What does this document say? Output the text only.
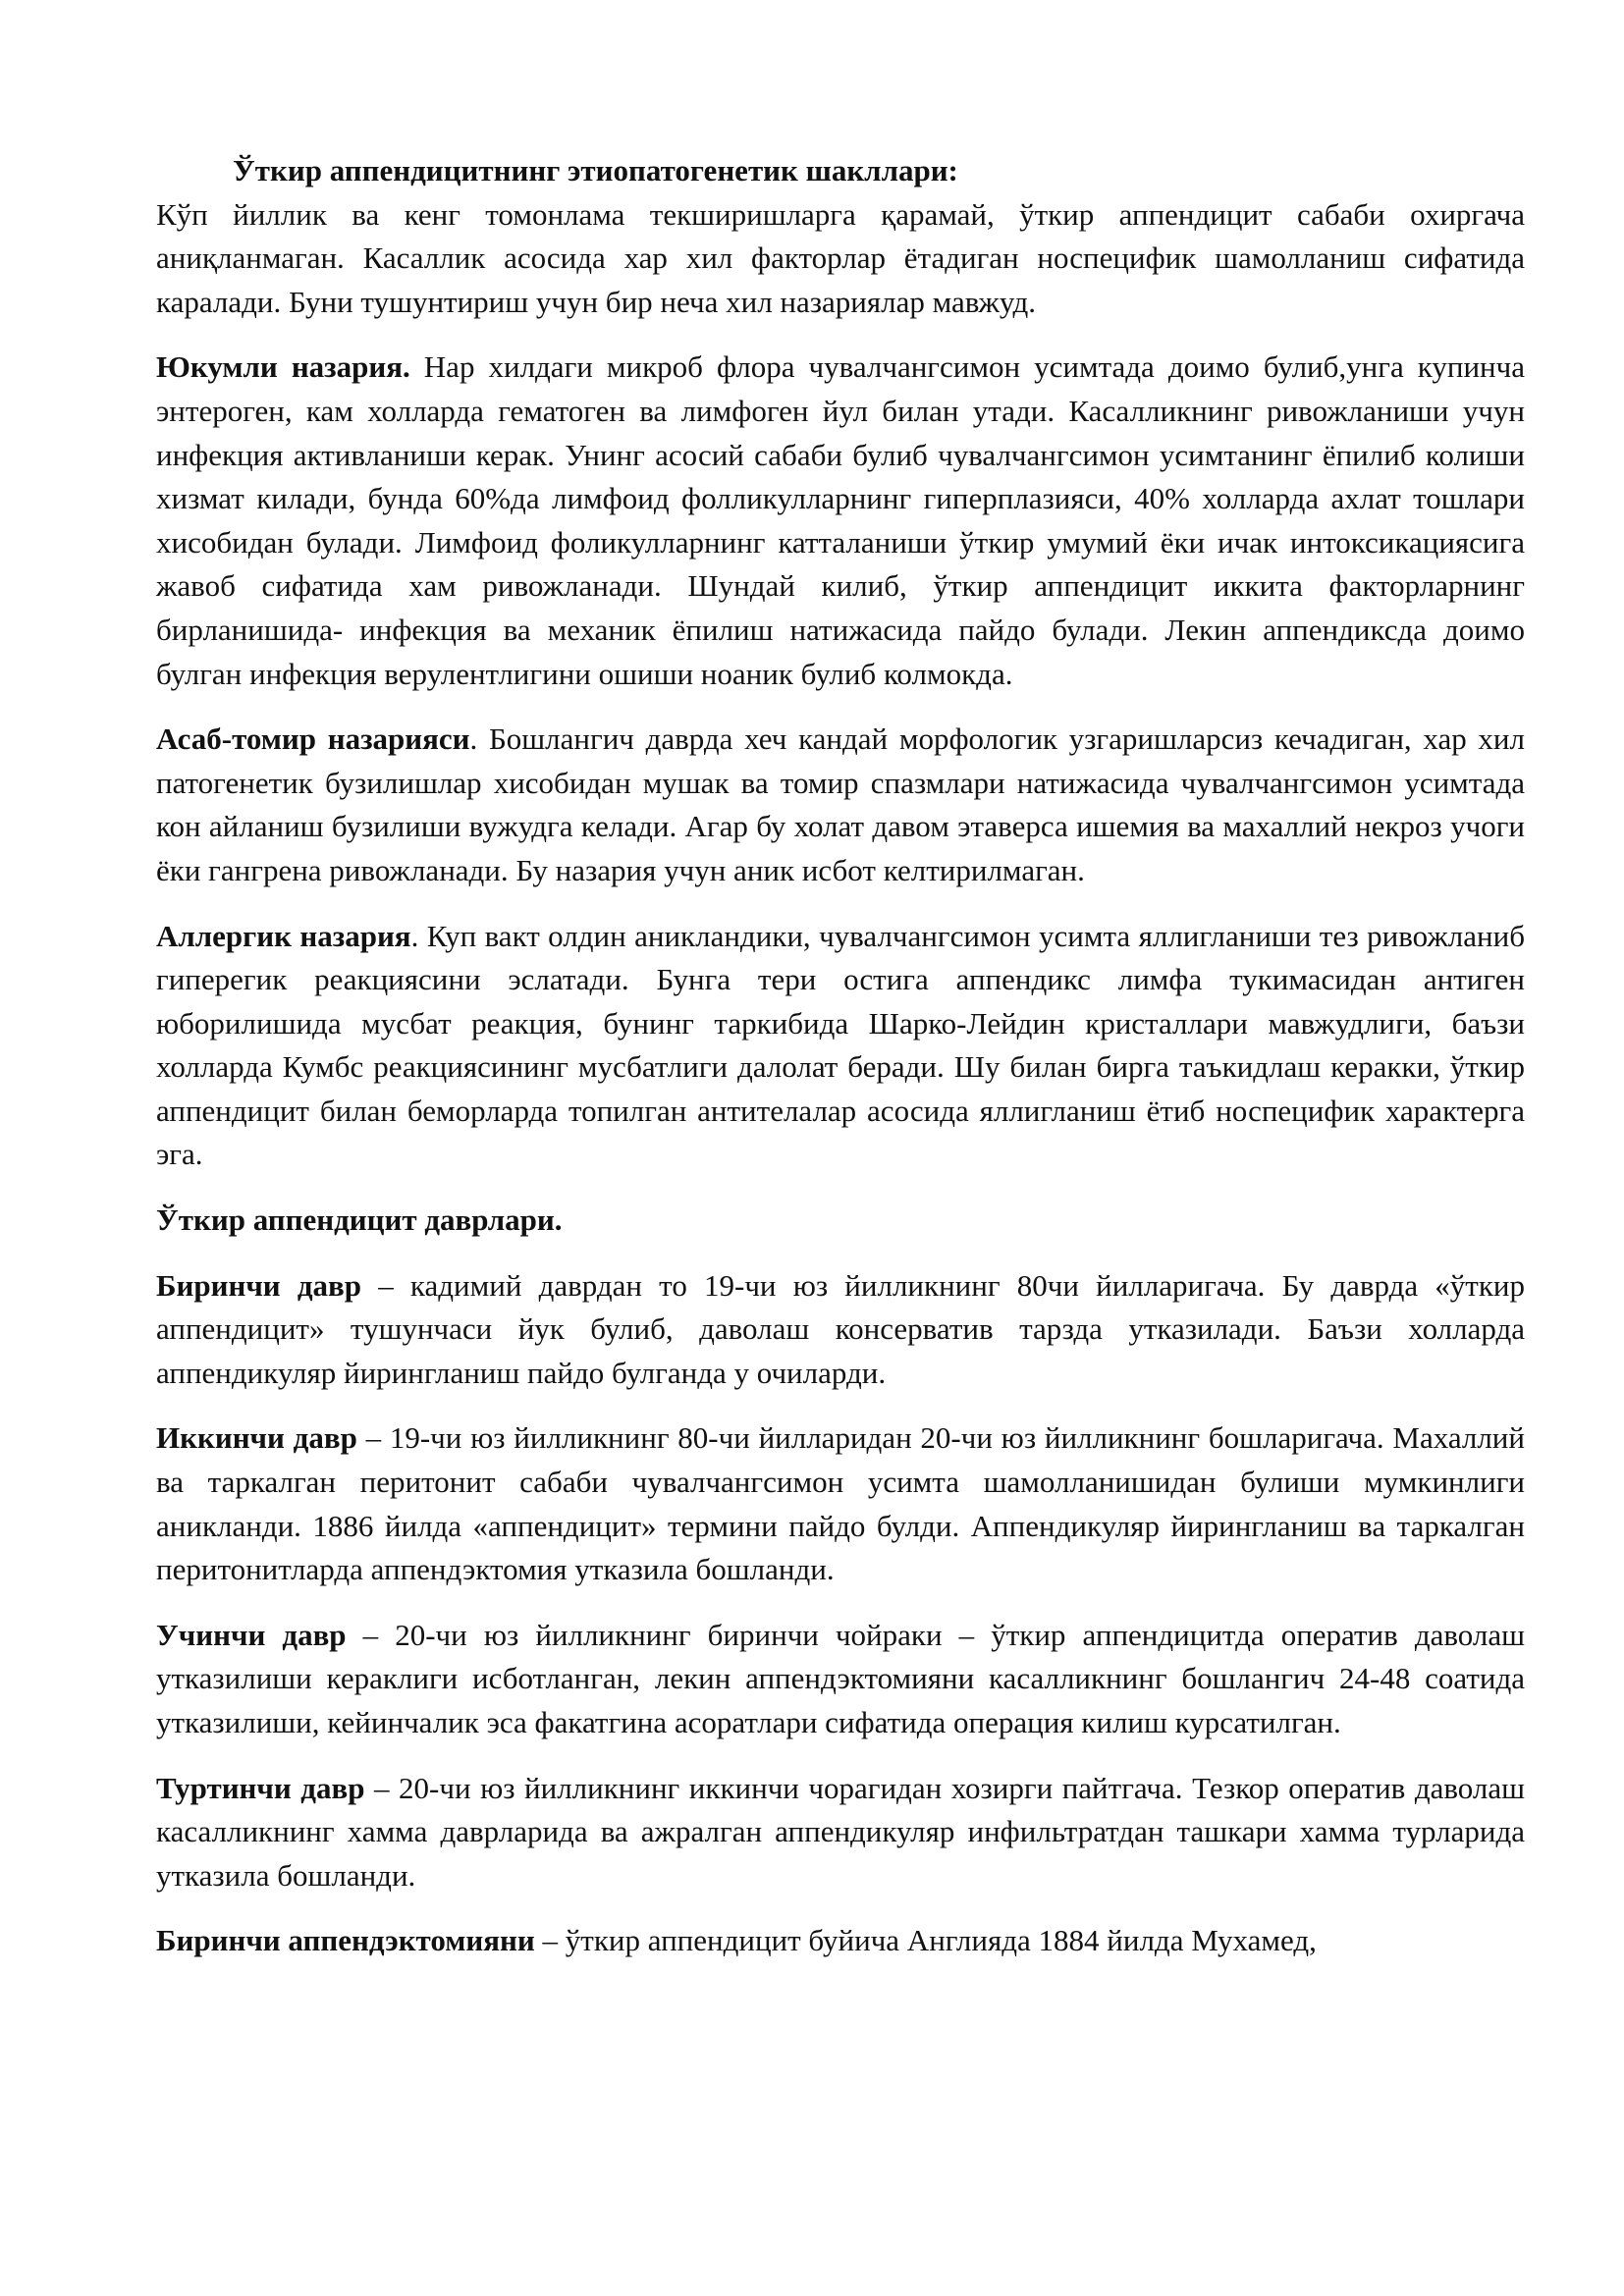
Ўткир аппендицитнинг этиопатогенетик шакллари:

Кўп йиллик ва кенг томонлама текширишларга қарамай, ўткир аппендицит сабаби охиргача аниқланмаган. Касаллик асосида хар хил факторлар ётадиган носпецифик шамолланиш сифатида каралади. Буни тушунтириш учун бир неча хил назариялар мавжуд.

Юкумли назария. Нар хилдаги микроб флора чувалчангсимон усимтада доимо булиб,унга купинча энтероген, кам холларда гематоген ва лимфоген йул билан утади. Касалликнинг ривожланиши учун инфекция активланиши керак. Унинг асосий сабаби булиб чувалчангсимон усимтанинг ёпилиб колиши хизмат килади, бунда 60%да лимфоид фолликулларнинг гиперплазияси, 40% холларда ахлат тошлари хисобидан булади. Лимфоид фоликулларнинг катталаниши ўткир умумий ёки ичак интоксикациясига жавоб сифатида хам ривожланади. Шундай килиб, ўткир аппендицит иккита факторларнинг бирланишида- инфекция ва механик ёпилиш натижасида пайдо булади. Лекин аппендиксда доимо булган инфекция верулентлигини ошиши ноаник булиб колмокда.

Асаб-томир назарияси. Бошлангич даврда хеч кандай морфологик узгаришларсиз кечадиган, хар хил патогенетик бузилишлар хисобидан мушак ва томир спазмлари натижасида чувалчангсимон усимтада кон айланиш бузилиши вужудга келади. Агар бу холат давом этаверса ишемия ва махаллий некроз учоги ёки гангрена ривожланади. Бу назария учун аник исбот келтирилмаган.

Аллергик назария. Куп вакт олдин аникландики, чувалчангсимон усимта яллигланиши тез ривожланиб гиперегик реакциясини эслатади. Бунга тери остига аппендикс лимфа тукимасидан антиген юборилишида мусбат реакция, бунинг таркибида Шарко-Лейдин кристаллари мавжудлиги, баъзи холларда Кумбс реакциясининг мусбатлиги далолат беради. Шу билан бирга таъкидлаш керакки, ўткир аппендицит билан беморларда топилган антителалар асосида яллигланиш ётиб носпецифик характерга эга.

Ўткир аппендицит даврлари.

Биринчи давр – кадимий даврдан то 19-чи юз йилликнинг 80чи йилларигача. Бу даврда «ўткир аппендицит» тушунчаси йук булиб, даволаш консерватив тарзда утказилади. Баъзи холларда аппендикуляр йирингланиш пайдо булганда у очиларди.

Иккинчи давр – 19-чи юз йилликнинг 80-чи йилларидан 20-чи юз йилликнинг бошларигача. Махаллий ва таркалган перитонит сабаби чувалчангсимон усимта шамолланишидан булиши мумкинлиги аникланди. 1886 йилда «аппендицит» термини пайдо булди. Аппендикуляр йирингланиш ва таркалган перитонитларда аппендэктомия утказила бошланди.

Учинчи давр – 20-чи юз йилликнинг биринчи чойраки – ўткир аппендицитда оператив даволаш утказилиши кераклиги исботланган, лекин аппендэктомияни касалликнинг бошлангич 24-48 соатида утказилиши, кейинчалик эса факатгина асоратлари сифатида операция килиш курсатилган.

Туртинчи давр – 20-чи юз йилликнинг иккинчи чорагидан хозирги пайтгача. Тезкор оператив даволаш касалликнинг хамма даврларида ва ажралган аппендикуляр инфильтратдан ташкари хамма турларида утказила бошланди.

Биринчи аппендэктомияни – ўткир аппендицит буйича Англияда 1884 йилда Мухамед,
